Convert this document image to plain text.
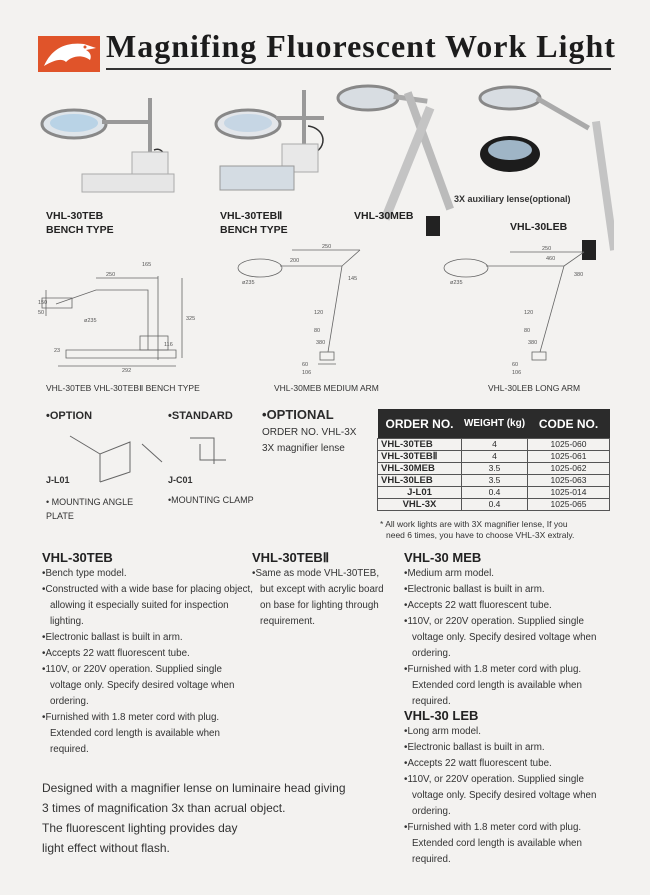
Magnifing Fluorescent Work Light
VHL-30TEB
BENCH TYPE
VHL-30TEBⅡ
BENCH TYPE
VHL-30MEB
3X auxiliary lense(optional)
VHL-30LEB
165
250
ø235	325
116
23
292
150
50
250
200
ø235
145
120
80
380
60
106
250
460
ø235
380
120
80
380
60
106
VHL-30TEB VHL-30TEBⅡ BENCH TYPE	VHL-30MEB MEDIUM ARM	VHL-30LEB LONG ARM
•OPTION	•STANDARD
J-L01	J-C01
• MOUNTING ANGLE PLATE
•MOUNTING CLAMP
•OPTIONAL
ORDER NO. VHL-3X
3X magnifier lense
ORDER NO.	WEIGHT (kg)	CODE NO.
VHL-30TEB	4	1025-060
VHL-30TEBⅡ	4	1025-061
VHL-30MEB	3.5	1025-062
VHL-30LEB	3.5	1025-063
J-L01	0.4	1025-014
VHL-3X	0.4	1025-065
* All work lights are with 3X magnifier lense, If you
need 6 times, you have to choose VHL-3X extraly.
VHL-30TEB
• Bench type model.
• Constructed with a wide base for placing object, allowing it especially suited for inspection lighting.
• Electronic ballast is built in arm.
• Accepts 22 watt fluorescent tube.
• 110V, or 220V operation. Supplied single voltage only. Specify desired voltage when ordering.
• Furnished with 1.8 meter cord with plug. Extended cord length is available when required.
VHL-30TEBⅡ
• Same as mode VHL-30TEB, but except with acrylic board on base for lighting through requirement.
VHL-30 MEB
• Medium arm model.
• Electronic ballast is built in arm.
• Accepts 22 watt fluorescent tube.
• 110V, or 220V operation. Supplied single voltage only. Specify desired voltage when ordering.
• Furnished with 1.8 meter cord with plug. Extended cord length is available when required.
VHL-30 LEB
• Long arm model.
• Electronic ballast is built in arm.
• Accepts 22 watt fluorescent tube.
• 110V, or 220V operation. Supplied single voltage only. Specify desired voltage when ordering.
• Furnished with 1.8 meter cord with plug. Extended cord length is available when required.
Designed with a magnifier lense on luminaire head giving
3 times of magnification 3x than acrual object.
The fluorescent lighting provides day
light effect without flash.
